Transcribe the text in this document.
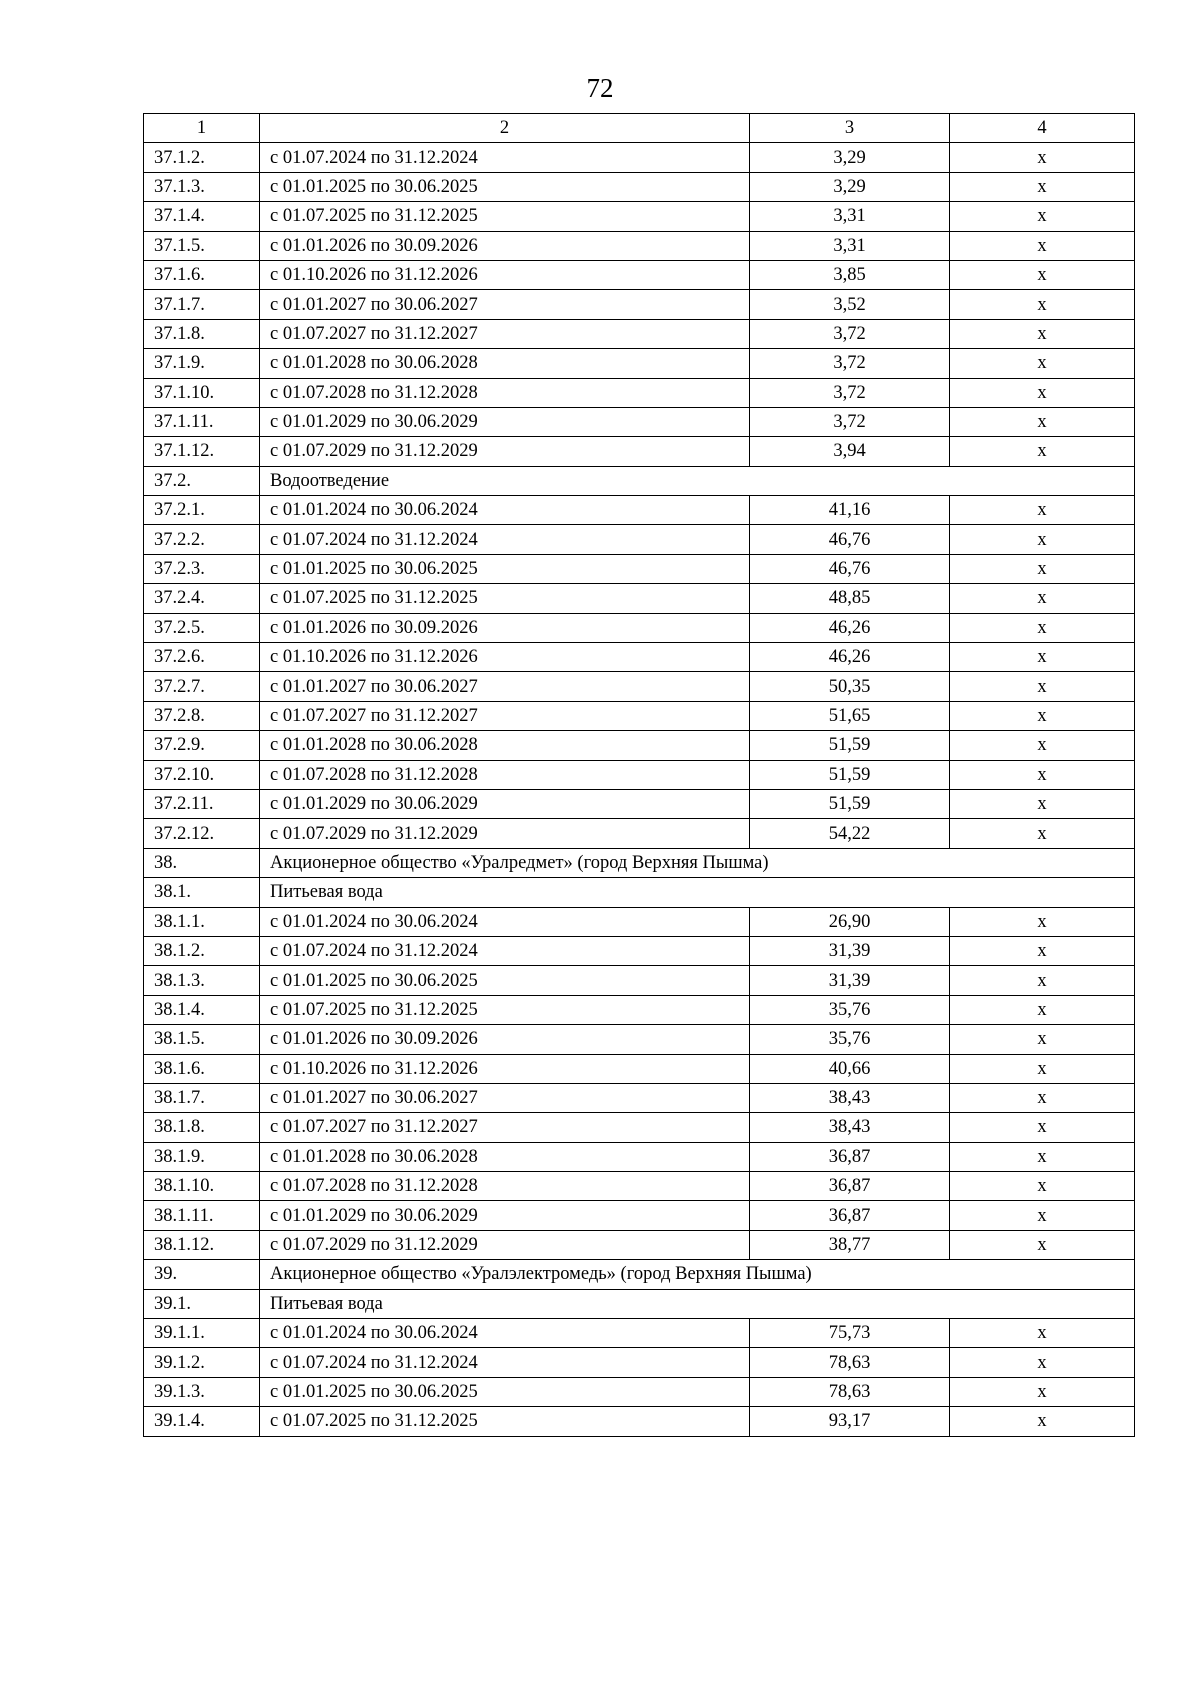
72
1	2	3	4
37.1.2.	с 01.07.2024 по 31.12.2024	3,29	x
37.1.3.	с 01.01.2025 по 30.06.2025	3,29	x
37.1.4.	с 01.07.2025 по 31.12.2025	3,31	x
37.1.5.	с 01.01.2026 по 30.09.2026	3,31	x
37.1.6.	с 01.10.2026 по 31.12.2026	3,85	x
37.1.7.	с 01.01.2027 по 30.06.2027	3,52	x
37.1.8.	с 01.07.2027 по 31.12.2027	3,72	x
37.1.9.	с 01.01.2028 по 30.06.2028	3,72	x
37.1.10.	с 01.07.2028 по 31.12.2028	3,72	x
37.1.11.	с 01.01.2029 по 30.06.2029	3,72	x
37.1.12.	с 01.07.2029 по 31.12.2029	3,94	x
37.2.	Водоотведение		
37.2.1.	с 01.01.2024 по 30.06.2024	41,16	x
37.2.2.	с 01.07.2024 по 31.12.2024	46,76	x
37.2.3.	с 01.01.2025 по 30.06.2025	46,76	x
37.2.4.	с 01.07.2025 по 31.12.2025	48,85	x
37.2.5.	с 01.01.2026 по 30.09.2026	46,26	x
37.2.6.	с 01.10.2026 по 31.12.2026	46,26	x
37.2.7.	с 01.01.2027 по 30.06.2027	50,35	x
37.2.8.	с 01.07.2027 по 31.12.2027	51,65	x
37.2.9.	с 01.01.2028 по 30.06.2028	51,59	x
37.2.10.	с 01.07.2028 по 31.12.2028	51,59	x
37.2.11.	с 01.01.2029 по 30.06.2029	51,59	x
37.2.12.	с 01.07.2029 по 31.12.2029	54,22	x
38.	Акционерное общество «Уралредмет» (город Верхняя Пышма)		
38.1.	Питьевая вода		
38.1.1.	с 01.01.2024 по 30.06.2024	26,90	x
38.1.2.	с 01.07.2024 по 31.12.2024	31,39	x
38.1.3.	с 01.01.2025 по 30.06.2025	31,39	x
38.1.4.	с 01.07.2025 по 31.12.2025	35,76	x
38.1.5.	с 01.01.2026 по 30.09.2026	35,76	x
38.1.6.	с 01.10.2026 по 31.12.2026	40,66	x
38.1.7.	с 01.01.2027 по 30.06.2027	38,43	x
38.1.8.	с 01.07.2027 по 31.12.2027	38,43	x
38.1.9.	с 01.01.2028 по 30.06.2028	36,87	x
38.1.10.	с 01.07.2028 по 31.12.2028	36,87	x
38.1.11.	с 01.01.2029 по 30.06.2029	36,87	x
38.1.12.	с 01.07.2029 по 31.12.2029	38,77	x
39.	Акционерное общество «Уралэлектромедь» (город Верхняя Пышма)		
39.1.	Питьевая вода		
39.1.1.	с 01.01.2024 по 30.06.2024	75,73	x
39.1.2.	с 01.07.2024 по 31.12.2024	78,63	x
39.1.3.	с 01.01.2025 по 30.06.2025	78,63	x
39.1.4.	с 01.07.2025 по 31.12.2025	93,17	x
